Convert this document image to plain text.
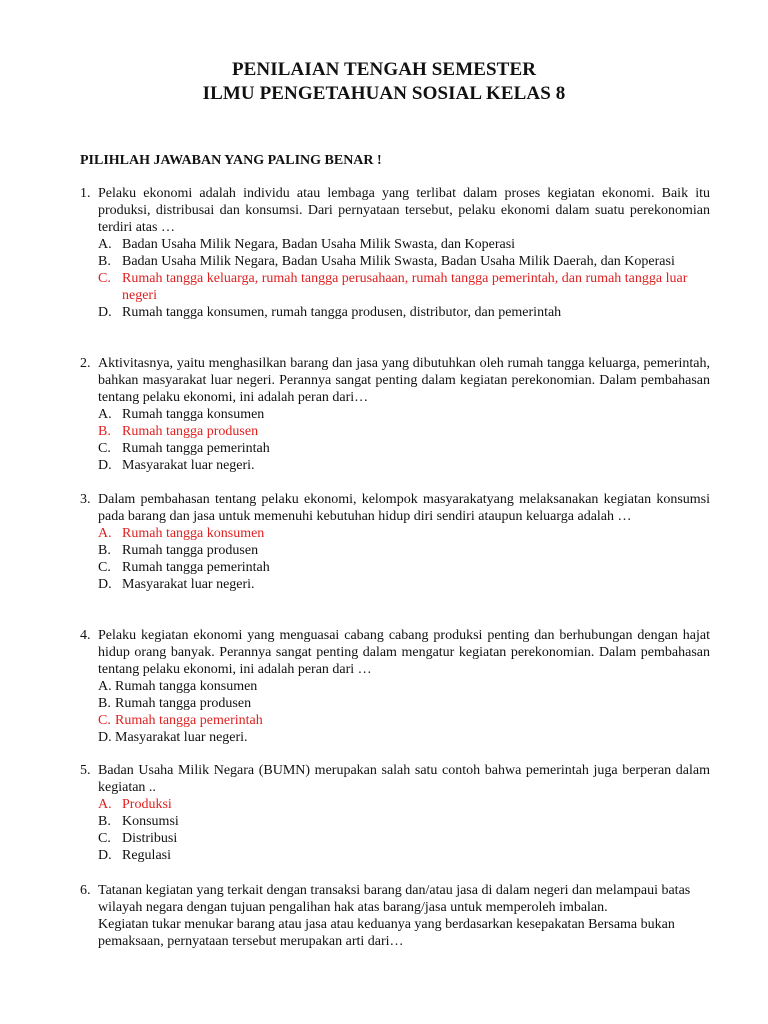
PENILAIAN TENGAH SEMESTER
ILMU PENGETAHUAN SOSIAL KELAS 8
PILIHLAH JAWABAN YANG PALING BENAR !
1. Pelaku ekonomi adalah individu atau lembaga yang terlibat dalam proses kegiatan ekonomi. Baik itu produksi, distribusai dan konsumsi. Dari pernyataan tersebut, pelaku ekonomi dalam suatu perekonomian terdiri atas …
A. Badan Usaha Milik Negara, Badan Usaha Milik Swasta, dan Koperasi
B. Badan Usaha Milik Negara, Badan Usaha Milik Swasta, Badan Usaha Milik Daerah, dan Koperasi
C. Rumah tangga keluarga, rumah tangga perusahaan, rumah tangga pemerintah, dan rumah tangga luar negeri
D. Rumah tangga konsumen, rumah tangga produsen, distributor, dan pemerintah
2. Aktivitasnya, yaitu menghasilkan barang dan jasa yang dibutuhkan oleh rumah tangga keluarga, pemerintah, bahkan masyarakat luar negeri. Perannya sangat penting dalam kegiatan perekonomian. Dalam pembahasan tentang pelaku ekonomi, ini adalah peran dari…
A. Rumah tangga konsumen
B. Rumah tangga produsen
C. Rumah tangga pemerintah
D. Masyarakat luar negeri.
3. Dalam pembahasan tentang pelaku ekonomi, kelompok masyarakatyang melaksanakan kegiatan konsumsi pada barang dan jasa untuk memenuhi kebutuhan hidup diri sendiri ataupun keluarga adalah …
A. Rumah tangga konsumen
B. Rumah tangga produsen
C. Rumah tangga pemerintah
D. Masyarakat luar negeri.
4. Pelaku kegiatan ekonomi yang menguasai cabang cabang produksi penting dan berhubungan dengan hajat hidup orang banyak. Perannya sangat penting dalam mengatur kegiatan perekonomian. Dalam pembahasan tentang pelaku ekonomi, ini adalah peran dari …
A. Rumah tangga konsumen
B. Rumah tangga produsen
C. Rumah tangga pemerintah
D. Masyarakat luar negeri.
5. Badan Usaha Milik Negara (BUMN) merupakan salah satu contoh bahwa pemerintah juga berperan dalam kegiatan ..
A. Produksi
B. Konsumsi
C. Distribusi
D. Regulasi
6. Tatanan kegiatan yang terkait dengan transaksi barang dan/atau jasa di dalam negeri dan melampaui batas wilayah negara dengan tujuan pengalihan hak atas barang/jasa untuk memperoleh imbalan.

Kegiatan tukar menukar barang atau jasa atau keduanya yang berdasarkan kesepakatan Bersama bukan pemaksaan, pernyataan tersebut merupakan arti dari…
